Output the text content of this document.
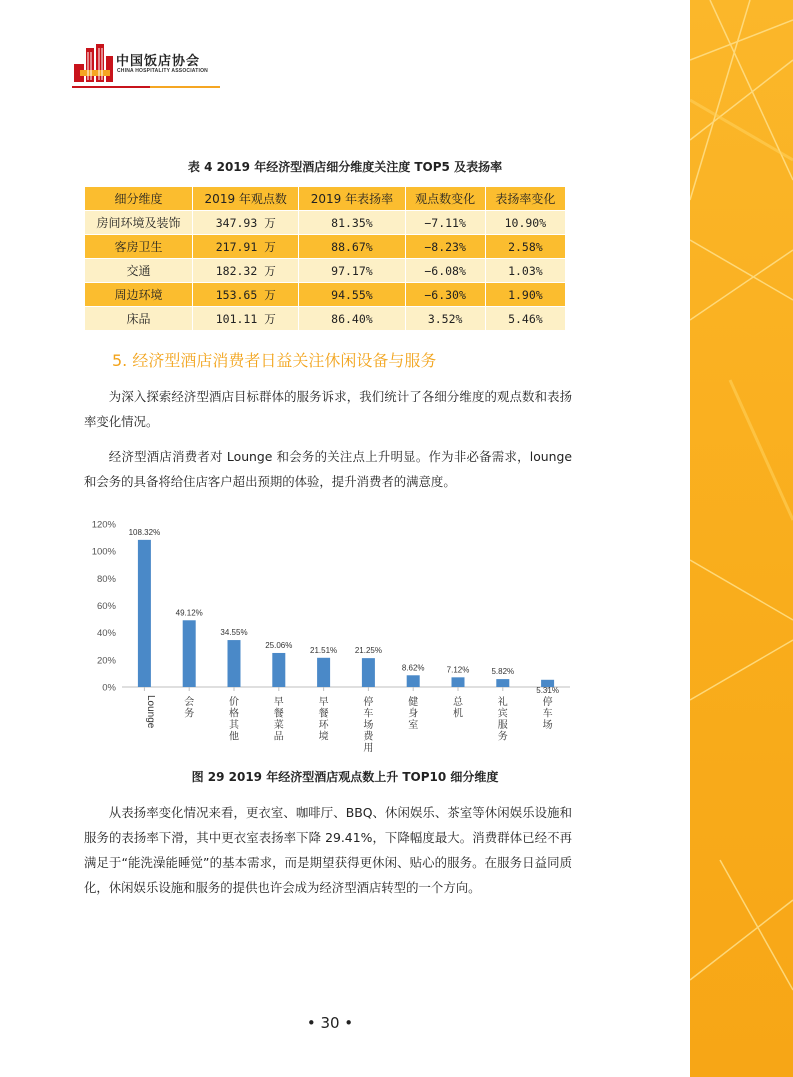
中国饭店协会
CHINA HOSPITALITY ASSOCIATION
表 4 2019 年经济型酒店细分维度关注度 TOP5 及表扬率
细分维度	2019 年观点数	2019 年表扬率	观点数变化	表扬率变化
房间环境及装饰	347.93 万	81.35%	−7.11%	10.90%
客房卫生	217.91 万	88.67%	−8.23%	2.58%
交通	182.32 万	97.17%	−6.08%	1.03%
周边环境	153.65 万	94.55%	−6.30%	1.90%
床品	101.11 万	86.40%	3.52%	5.46%
5. 经济型酒店消费者日益关注休闲设备与服务

为深入探索经济型酒店目标群体的服务诉求，我们统计了各细分维度的观点数和表扬率变化情况。

经济型酒店消费者对 Lounge 和会务的关注点上升明显。作为非必备需求，lounge 和会务的具备将给住店客户超出预期的体验，提升消费者的满意度。

0%
20%
40%
60%
80%
100%
120%
108.32%
Lounge
49.12%
会务
34.55%
价格其他
25.06%
早餐菜品
21.51%
早餐环境
21.25%
停车场费用
8.62%
健身室
7.12%
总机
5.82%
礼宾服务
5.31%
停车场
图 29 2019 年经济型酒店观点数上升 TOP10 细分维度

从表扬率变化情况来看，更衣室、咖啡厅、BBQ、休闲娱乐、茶室等休闲娱乐设施和服务的表扬率下滑，其中更衣室表扬率下降 29.41%，下降幅度最大。消费群体已经不再满足于“能洗澡能睡觉”的基本需求，而是期望获得更休闲、贴心的服务。在服务日益同质化，休闲娱乐设施和服务的提供也许会成为经济型酒店转型的一个方向。

• 30 •
